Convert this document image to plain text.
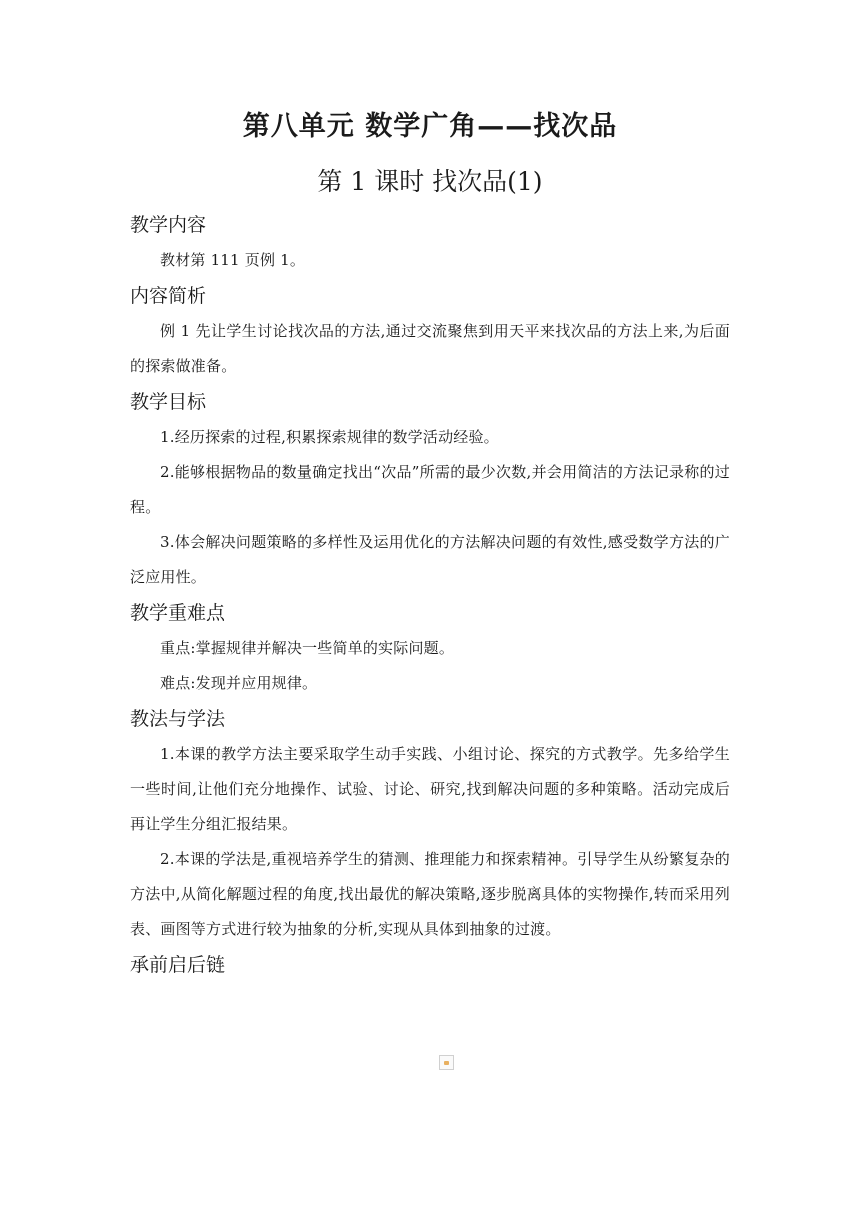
第八单元 数学广角——找次品
第 1 课时 找次品(1)
教学内容

教材第 111 页例 1。

内容简析

例 1 先让学生讨论找次品的方法,通过交流聚焦到用天平来找次品的方法上来,为后面的探索做准备。

教学目标

1.经历探索的过程,积累探索规律的数学活动经验。

2.能够根据物品的数量确定找出“次品”所需的最少次数,并会用简洁的方法记录称的过程。

3.体会解决问题策略的多样性及运用优化的方法解决问题的有效性,感受数学方法的广泛应用性。

教学重难点

重点:掌握规律并解决一些简单的实际问题。

难点:发现并应用规律。

教法与学法

1.本课的教学方法主要采取学生动手实践、小组讨论、探究的方式教学。先多给学生一些时间,让他们充分地操作、试验、讨论、研究,找到解决问题的多种策略。活动完成后再让学生分组汇报结果。

2.本课的学法是,重视培养学生的猜测、推理能力和探索精神。引导学生从纷繁复杂的方法中,从简化解题过程的角度,找出最优的解决策略,逐步脱离具体的实物操作,转而采用列表、画图等方式进行较为抽象的分析,实现从具体到抽象的过渡。

承前启后链
